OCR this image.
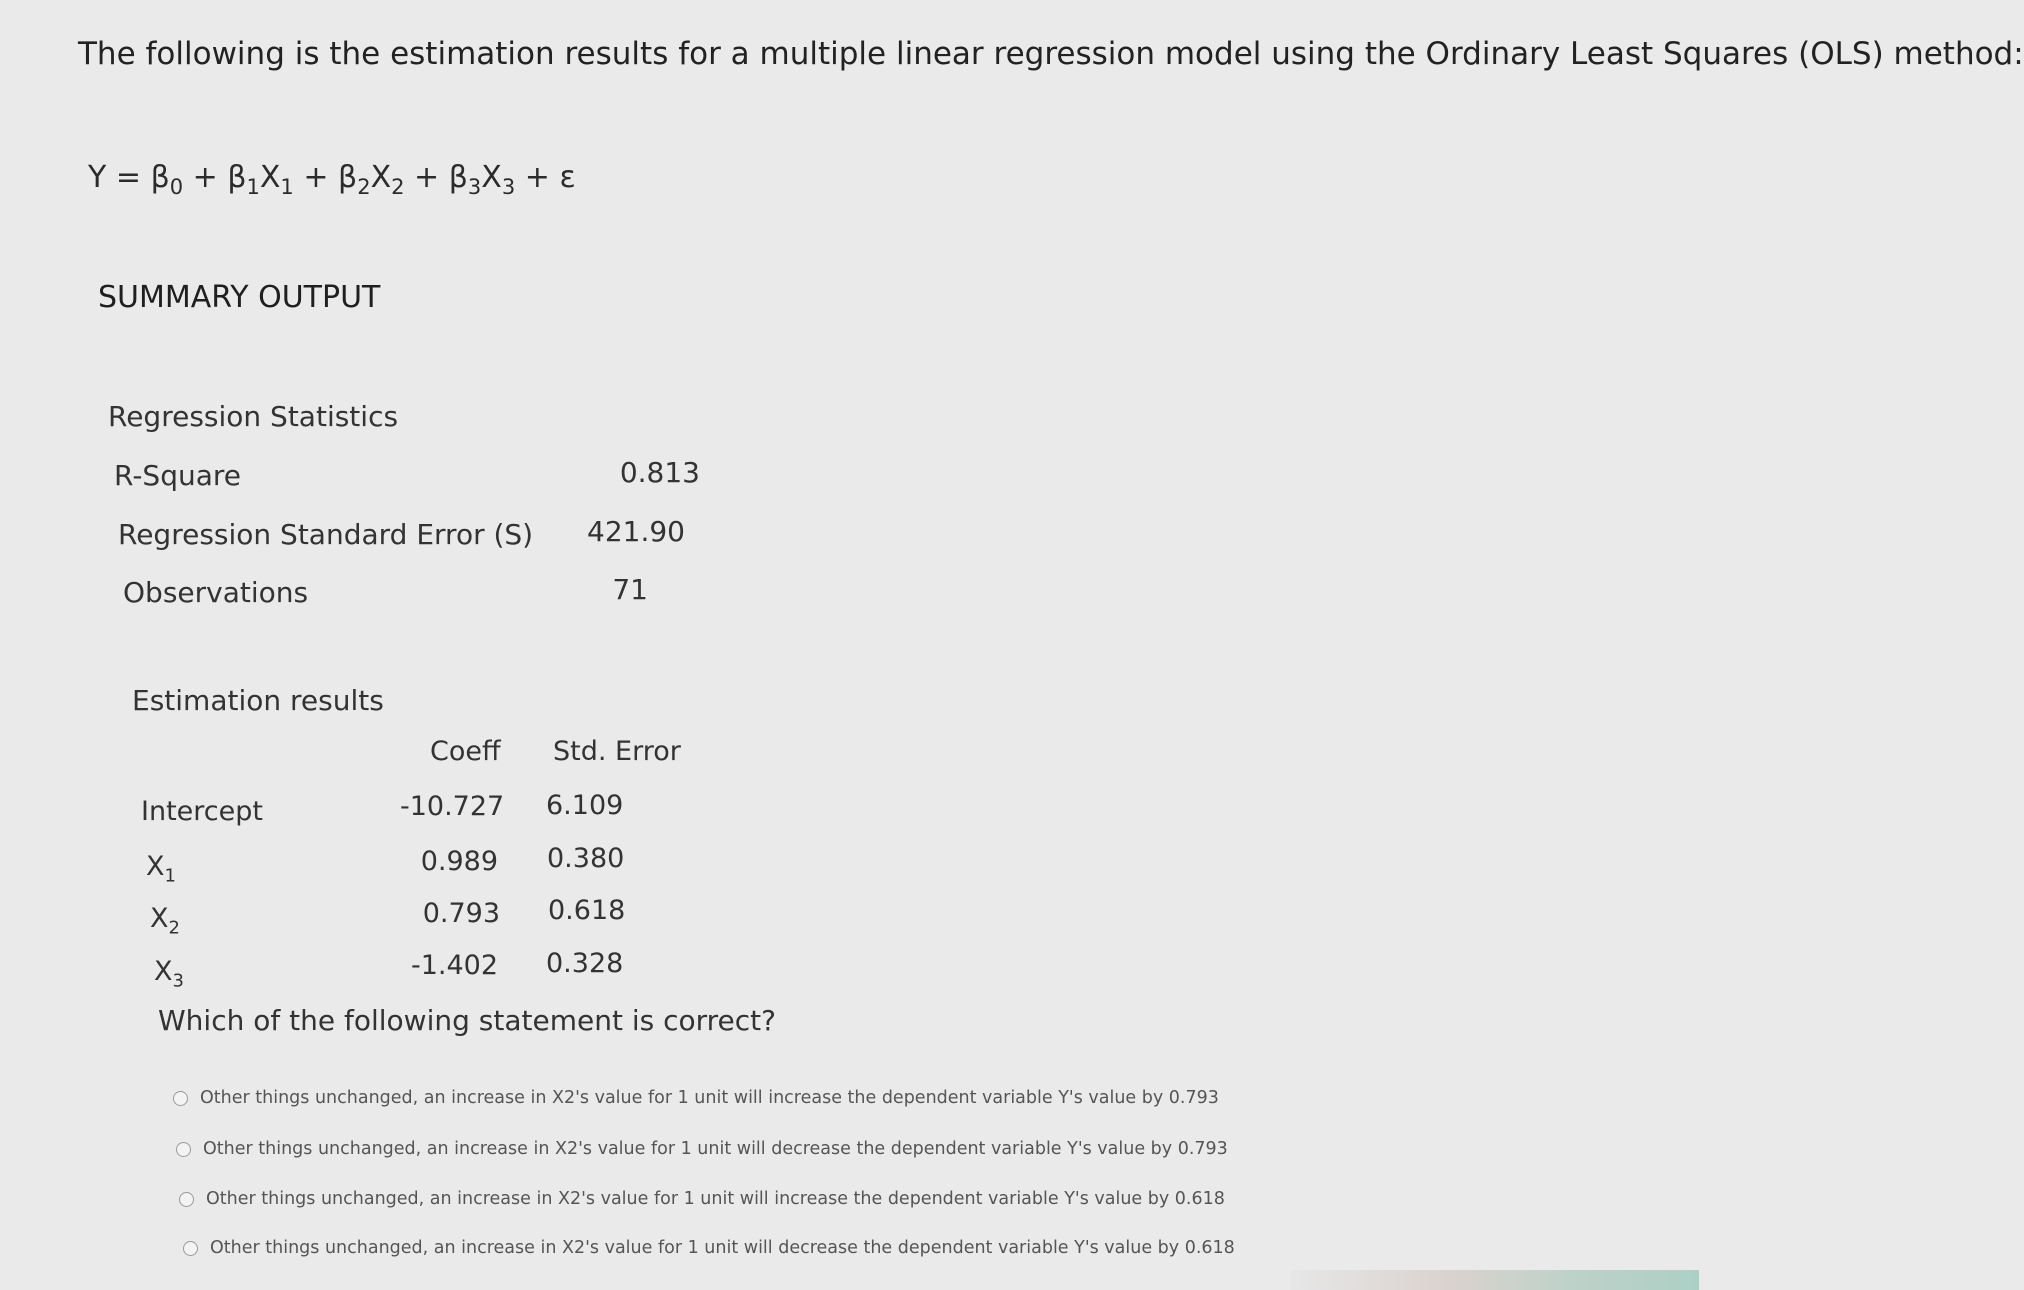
The following is the estimation results for a multiple linear regression model using the Ordinary Least Squares (OLS) method:
$Y = \beta_0 + \beta_1X_1 + \beta_2X_2 + \beta_3X_3 + \varepsilon$
SUMMARY OUTPUT
Regression Statistics
R-Square	0.813
Regression Standard Error (S)	421.90
Observations	71
Estimation results
Coeff Std. Error
Intercept	-10.727 6.109
$X_1$	0.989 0.380
$X_2$	0.793 0.618
$X_3$	-1.402 0.328
Which of the following statement is correct?
Other things unchanged, an increase in X2's value for 1 unit will increase the dependent variable Y's value by 0.793
Other things unchanged, an increase in X2's value for 1 unit will decrease the dependent variable Y's value by 0.793
Other things unchanged, an increase in X2's value for 1 unit will increase the dependent variable Y's value by 0.618
Other things unchanged, an increase in X2's value for 1 unit will decrease the dependent variable Y's value by 0.618
